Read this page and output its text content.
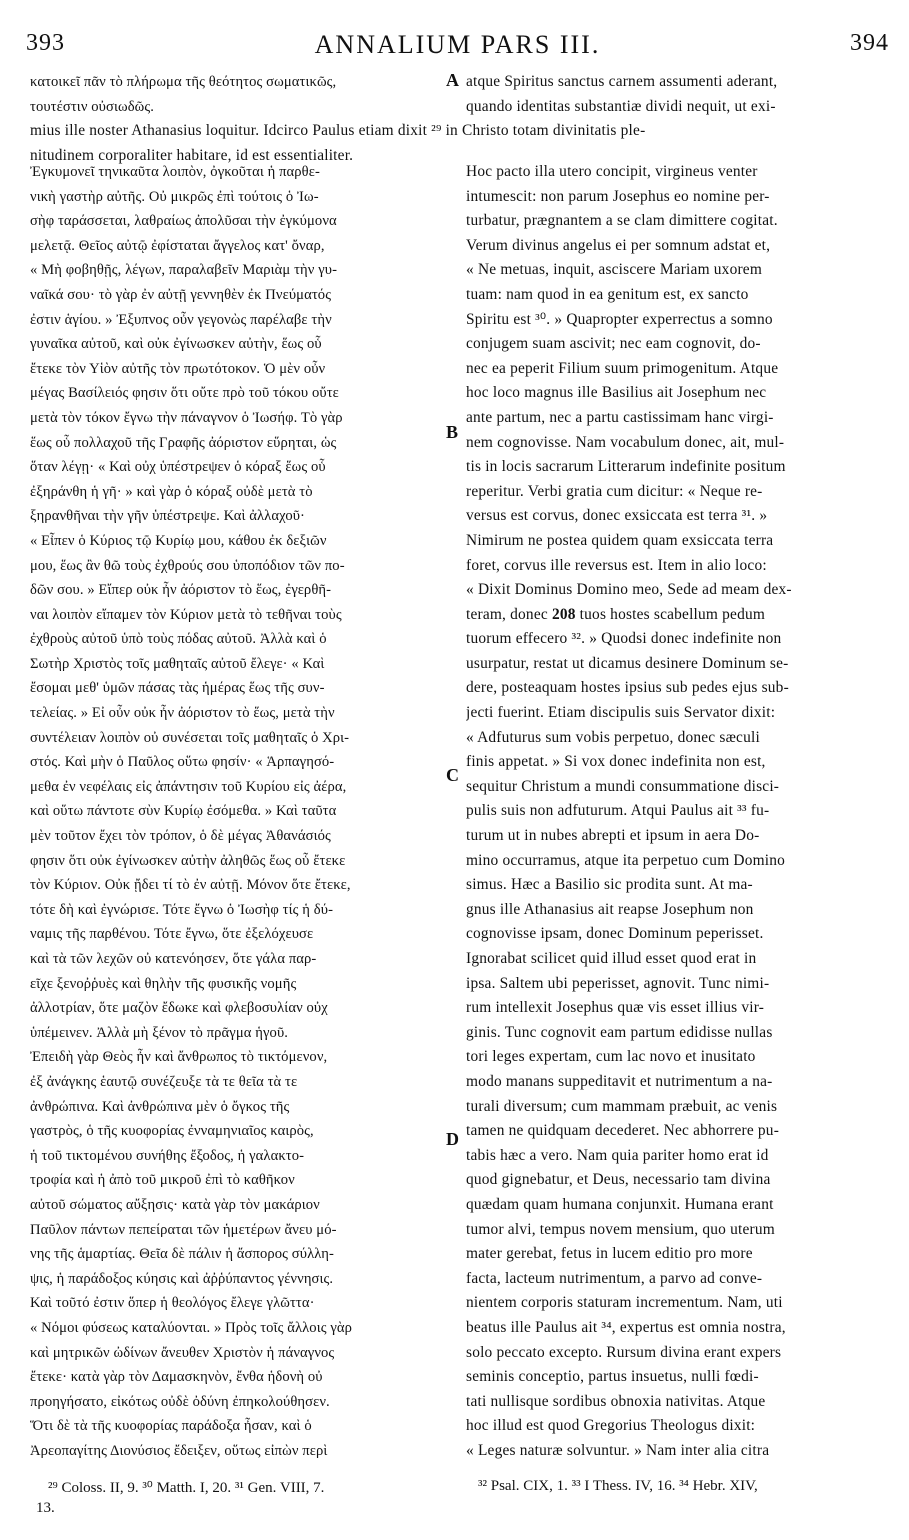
393	ANNALIUM PARS III.	394
κατοικεῖ πᾶν τὸ πλήρωμα τῆς θεότητος σωματικῶς,
τουτέστιν οὐσιωδῶς.
atque Spiritus sanctus carnem assumenti aderant,
quando identitas substantiæ dividi nequit, ut exi-
mius ille noster Athanasius loquitur. Idcirco Paulus etiam dixit ²⁹ in Christo totam divinitatis ple-
nitudinem corporaliter habitare, id est essentialiter.
Ἐγκυμονεῖ τηνικαῦτα λοιπὸν, ὀγκοῦται ἡ παρθε-
νικὴ γαστὴρ αὐτῆς. Οὐ μικρῶς ἐπὶ τούτοις ὁ Ἰω-
σὴφ ταράσσεται, λαθραίως ἀπολῦσαι τὴν ἐγκύμονα
μελετᾷ. Θεῖος αὐτῷ ἐφίσταται ἄγγελος κατ' ὄναρ,
« Μὴ φοβηθῇς, λέγων, παραλαβεῖν Μαριὰμ τὴν γυ-
ναῖκά σου· τὸ γὰρ ἐν αὐτῇ γεννηθὲν ἐκ Πνεύματός
ἐστιν ἁγίου. » Ἐξυπνος οὖν γεγονὼς παρέλαβε τὴν
γυναῖκα αὐτοῦ, καὶ οὐκ ἐγίνωσκεν αὐτὴν, ἕως οὗ
ἔτεκε τὸν Υἱὸν αὐτῆς τὸν πρωτότοκον. Ὁ μὲν οὖν
μέγας Βασίλειός φησιν ὅτι οὔτε πρὸ τοῦ τόκου οὔτε
μετὰ τὸν τόκον ἔγνω τὴν πάναγνον ὁ Ἰωσήφ. Τὸ γὰρ
ἕως οὗ πολλαχοῦ τῆς Γραφῆς ἀόριστον εὕρηται, ὡς
ὅταν λέγῃ· « Καὶ οὐχ ὑπέστρεψεν ὁ κόραξ ἕως οὗ
ἐξηράνθη ἡ γῆ· » καὶ γὰρ ὁ κόραξ οὐδὲ μετὰ τὸ
ξηρανθῆναι τὴν γῆν ὑπέστρεψε. Καὶ ἀλλαχοῦ·
« Εἶπεν ὁ Κύριος τῷ Κυρίῳ μου, κάθου ἐκ δεξιῶν
μου, ἕως ἂν θῶ τοὺς ἐχθρούς σου ὑποπόδιον τῶν πο-
δῶν σου. » Εἴπερ οὐκ ἦν ἀόριστον τὸ ἕως, ἐγερθῆ-
ναι λοιπὸν εἴπαμεν τὸν Κύριον μετὰ τὸ τεθῆναι τοὺς
ἐχθροὺς αὐτοῦ ὑπὸ τοὺς πόδας αὐτοῦ. Ἀλλὰ καὶ ὁ
Σωτὴρ Χριστὸς τοῖς μαθηταῖς αὐτοῦ ἔλεγε· « Καὶ
ἔσομαι μεθ' ὑμῶν πάσας τὰς ἡμέρας ἕως τῆς συν-
τελείας. » Εἰ οὖν οὐκ ἦν ἀόριστον τὸ ἕως, μετὰ τὴν
συντέλειαν λοιπὸν οὐ συνέσεται τοῖς μαθηταῖς ὁ Χρι-
στός. Καὶ μὴν ὁ Παῦλος οὕτω φησίν· « Ἁρπαγησό-
μεθα ἐν νεφέλαις εἰς ἀπάντησιν τοῦ Κυρίου εἰς ἀέρα,
καὶ οὕτω πάντοτε σὺν Κυρίῳ ἐσόμεθα. » Καὶ ταῦτα
μὲν τοῦτον ἔχει τὸν τρόπον, ὁ δὲ μέγας Ἀθανάσιός
φησιν ὅτι οὐκ ἐγίνωσκεν αὐτὴν ἀληθῶς ἕως οὗ ἔτεκε
τὸν Κύριον. Οὐκ ᾔδει τί τὸ ἐν αὐτῇ. Μόνον ὅτε ἔτεκε,
τότε δὴ καὶ ἐγνώρισε. Τότε ἔγνω ὁ Ἰωσὴφ τίς ἡ δύ-
ναμις τῆς παρθένου. Τότε ἔγνω, ὅτε ἐξελόχευσε
καὶ τὰ τῶν λεχῶν οὐ κατενόησεν, ὅτε γάλα παρ-
εῖχε ξενοῤῥυὲς καὶ θηλὴν τῆς φυσικῆς νομῆς
ἀλλοτρίαν, ὅτε μαζὸν ἔδωκε καὶ φλεβοσυλίαν οὐχ
ὑπέμεινεν. Ἀλλὰ μὴ ξένον τὸ πρᾶγμα ἡγοῦ.
Ἐπειδὴ γὰρ Θεὸς ἦν καὶ ἄνθρωπος τὸ τικτόμενον,
ἐξ ἀνάγκης ἑαυτῷ συνέζευξε τὰ τε θεῖα τὰ τε
ἀνθρώπινα. Καὶ ἀνθρώπινα μὲν ὁ ὄγκος τῆς
γαστρὸς, ὁ τῆς κυοφορίας ἐνναμηνιαῖος καιρὸς,
ἡ τοῦ τικτομένου συνήθης ἔξοδος, ἡ γαλακτο-
τροφία καὶ ἡ ἀπὸ τοῦ μικροῦ ἐπὶ τὸ καθῆκον
αὐτοῦ σώματος αὔξησις· κατὰ γὰρ τὸν μακάριον
Παῦλον πάντων πεπείραται τῶν ἡμετέρων ἄνευ μό-
νης τῆς ἁμαρτίας. Θεῖα δὲ πάλιν ἡ ἄσπορος σύλλη-
ψις, ἡ παράδοξος κύησις καὶ ἀῤῥύπαντος γέννησις.
Καὶ τοῦτό ἐστιν ὅπερ ἡ θεολόγος ἔλεγε γλῶττα·
« Νόμοι φύσεως καταλύονται. » Πρὸς τοῖς ἄλλοις γὰρ
καὶ μητρικῶν ὠδίνων ἄνευθεν Χριστὸν ἡ πάναγνος
ἔτεκε· κατὰ γὰρ τὸν Δαμασκηνὸν, ἔνθα ἡδονὴ οὐ
προηγήσατο, εἰκότως οὐδὲ ὀδύνη ἐπηκολούθησεν.
Ὅτι δὲ τὰ τῆς κυοφορίας παράδοξα ἦσαν, καὶ ὁ
Ἀρεοπαγίτης Διονύσιος ἔδειξεν, οὕτως εἰπὼν περὶ
Hoc pacto illa utero concipit, virgineus venter
intumescit: non parum Josephus eo nomine per-
turbatur, prægnantem a se clam dimittere cogitat.
Verum divinus angelus ei per somnum adstat et,
« Ne metuas, inquit, asciscere Mariam uxorem
tuam: nam quod in ea genitum est, ex sancto
Spiritu est ³⁰. » Quapropter experrectus a somno
conjugem suam ascivit; nec eam cognovit, do-
nec ea peperit Filium suum primogenitum. Atque
hoc loco magnus ille Basilius ait Josephum nec
ante partum, nec a partu castissimam hanc virgi-
nem cognovisse. Nam vocabulum donec, ait, mul-
tis in locis sacrarum Litterarum indefinite positum
reperitur. Verbi gratia cum dicitur: « Neque re-
versus est corvus, donec exsiccata est terra ³¹. »
Nimirum ne postea quidem quam exsiccata terra
foret, corvus ille reversus est. Item in alio loco:
« Dixit Dominus Domino meo, Sede ad meam dex-
teram, donec 208 tuos hostes scabellum pedum
tuorum effecero ³². » Quodsi donec indefinite non
usurpatur, restat ut dicamus desinere Dominum se-
dere, posteaquam hostes ipsius sub pedes ejus sub-
jecti fuerint. Etiam discipulis suis Servator dixit:
« Adfuturus sum vobis perpetuo, donec sæculi
finis appetat. » Si vox donec indefinita non est,
sequitur Christum a mundi consummatione disci-
pulis suis non adfuturum. Atqui Paulus ait ³³ fu-
turum ut in nubes abrepti et ipsum in aera Do-
mino occurramus, atque ita perpetuo cum Domino
simus. Hæc a Basilio sic prodita sunt. At ma-
gnus ille Athanasius ait reapse Josephum non
cognovisse ipsam, donec Dominum peperisset.
Ignorabat scilicet quid illud esset quod erat in
ipsa. Saltem ubi peperisset, agnovit. Tunc nimi-
rum intellexit Josephus quæ vis esset illius vir-
ginis. Tunc cognovit eam partum edidisse nullas
tori leges expertam, cum lac novo et inusitato
modo manans suppeditavit et nutrimentum a na-
turali diversum; cum mammam præbuit, ac venis
tamen ne quidquam decederet. Nec abhorrere pu-
tabis hæc a vero. Nam quia pariter homo erat id
quod gignebatur, et Deus, necessario tam divina
quædam quam humana conjunxit. Humana erant
tumor alvi, tempus novem mensium, quo uterum
mater gerebat, fetus in lucem editio pro more
facta, lacteum nutrimentum, a parvo ad conve-
nientem corporis staturam incrementum. Nam, uti
beatus ille Paulus ait ³⁴, expertus est omnia nostra,
solo peccato excepto. Rursum divina erant expers
seminis conceptio, partus insuetus, nulli fœdi-
tati nullisque sordibus obnoxia nativitas. Atque
hoc illud est quod Gregorius Theologus dixit:
« Leges naturæ solvuntur. » Nam inter alia citra
A
B
C
D
²⁹ Coloss. II, 9. ³⁰ Matth. I, 20. ³¹ Gen. VIII, 7.
13.
³² Psal. CIX, 1. ³³ I Thess. IV, 16. ³⁴ Hebr. XIV,
